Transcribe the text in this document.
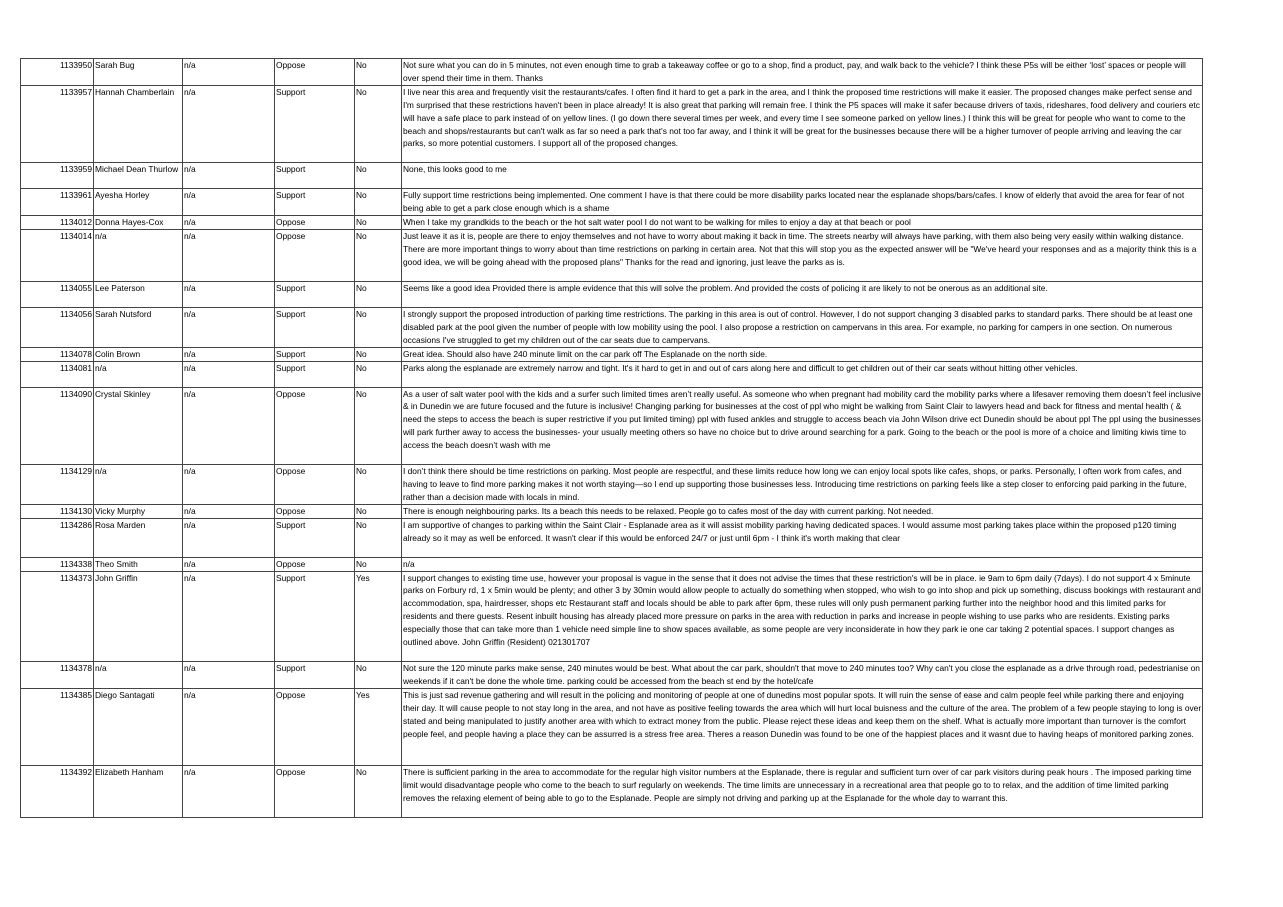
1133950	Sarah Bug	n/a	Oppose	No	Not sure what you can do in 5 minutes, not even enough time to grab a takeaway coffee or go to a shop, find a product, pay, and walk back to the vehicle? I think these P5s will be either ‘lost’ spaces or people will over spend their time in them. Thanks
1133957	Hannah Chamberlain	n/a	Support	No	I live near this area and frequently visit the restaurants/cafes. I often find it hard to get a park in the area, and I think the proposed time restrictions will make it easier. The proposed changes make perfect sense and I'm surprised that these restrictions haven't been in place already! It is also great that parking will remain free. I think the P5 spaces will make it safer because drivers of taxis, rideshares, food delivery and couriers etc will have a safe place to park instead of on yellow lines. (I go down there several times per week, and every time I see someone parked on yellow lines.) I think this will be great for people who want to come to the beach and shops/restaurants but can't walk as far so need a park that's not too far away, and I think it will be great for the businesses because there will be a higher turnover of people arriving and leaving the car parks, so more potential customers. I support all of the proposed changes.
1133959	Michael Dean Thurlow	n/a	Support	No	None, this looks good to me
1133961	Ayesha Horley	n/a	Support	No	Fully support time restrictions being implemented. One comment I have is that there could be more disability parks located near the esplanade shops/bars/cafes. I know of elderly that avoid the area for fear of not being able to get a park close enough which is a shame
1134012	Donna Hayes-Cox	n/a	Oppose	No	When I take my grandkids to the beach or the hot salt water pool I do not want to be walking for miles to enjoy a day at that beach or pool
1134014	n/a	n/a	Oppose	No	Just leave it as it is, people are there to enjoy themselves and not have to worry about making it back in time. The streets nearby will always have parking, with them also being very easily within walking distance. There are more important things to worry about than time restrictions on parking in certain area. Not that this will stop you as the expected answer will be "We've heard your responses and as a majority think this is a good idea, we will be going ahead with the proposed plans" Thanks for the read and ignoring, just leave the parks as is.
1134055	Lee Paterson	n/a	Support	No	Seems like a good idea Provided there is ample evidence that this will solve the problem. And provided the costs of policing it are likely to not be onerous as an additional site.
1134056	Sarah Nutsford	n/a	Support	No	I strongly support the proposed introduction of parking time restrictions. The parking in this area is out of control. However, I do not support changing 3 disabled parks to standard parks. There should be at least one disabled park at the pool given the number of people with low mobility using the pool. I also propose a restriction on campervans in this area. For example, no parking for campers in one section. On numerous occasions I've struggled to get my children out of the car seats due to campervans.
1134078	Colin Brown	n/a	Support	No	Great idea. Should also have 240 minute limit on the car park off The Esplanade on the north side.
1134081	n/a	n/a	Support	No	Parks along the esplanade are extremely narrow and tight. It's it hard to get in and out of cars along here and difficult to get children out of their car seats without hitting other vehicles.
1134090	Crystal Skinley	n/a	Oppose	No	As a user of salt water pool with the kids and a surfer such limited times aren’t really useful. As someone who when pregnant had mobility card the mobility parks where a lifesaver removing them doesn’t feel inclusive & in Dunedin we are future focused and the future is inclusive! Changing parking for businesses at the cost of ppl who might be walking from Saint Clair to lawyers head and back for fitness and mental health ( & need the steps to access the beach is super restrictive if you put limited timing) ppl with fused ankles and struggle to access beach via John Wilson drive ect Dunedin should be about ppl The ppl using the businesses will park further away to access the businesses- your usually meeting others so have no choice but to drive around searching for a park. Going to the beach or the pool is more of a choice and limiting kiwis time to access the beach doesn’t wash with me
1134129	n/a	n/a	Oppose	No	I don’t think there should be time restrictions on parking. Most people are respectful, and these limits reduce how long we can enjoy local spots like cafes, shops, or parks. Personally, I often work from cafes, and having to leave to find more parking makes it not worth staying—so I end up supporting those businesses less. Introducing time restrictions on parking feels like a step closer to enforcing paid parking in the future, rather than a decision made with locals in mind.
1134130	Vicky Murphy	n/a	Oppose	No	There is enough neighbouring parks. Its a beach this needs to be relaxed. People go to cafes most of the day with current parking. Not needed.
1134286	Rosa Marden	n/a	Support	No	I am supportive of changes to parking within the Saint Clair - Esplanade area as it will assist mobility parking having dedicated spaces. I would assume most parking takes place within the proposed p120 timing already so it may as well be enforced. It wasn't clear if this would be enforced 24/7 or just until 6pm - I think it's worth making that clear
1134338	Theo Smith	n/a	Oppose	No	n/a
1134373	John Griffin	n/a	Support	Yes	I support changes to existing time use, however your proposal is vague in the sense that it does not advise the times that these restriction's will be in place. ie 9am to 6pm daily (7days). I do not support 4 x 5minute parks on Forbury rd, 1 x 5min would be plenty; and other 3 by 30min would allow people to actually do something when stopped, who wish to go into shop and pick up something, discuss bookings with restaurant and accommodation, spa, hairdresser, shops etc Restaurant staff and locals should be able to park after 6pm, these rules will only push permanent parking further into the neighbor hood and this limited parks for residents and there guests. Resent inbuilt housing has already placed more pressure on parks in the area with reduction in parks and increase in people wishing to use parks who are residents. Existing parks especially those that can take more than 1 vehicle need simple line to show spaces available, as some people are very inconsiderate in how they park ie one car taking 2 potential spaces. I support changes as outlined above. John Griffin (Resident) 021301707
1134378	n/a	n/a	Support	No	Not sure the 120 minute parks make sense, 240 minutes would be best. What about the car park, shouldn't that move to 240 minutes too? Why can't you close the esplanade as a drive through road, pedestrianise on weekends if it can't be done the whole time. parking could be accessed from the beach st end by the hotel/cafe
1134385	Diego Santagati	n/a	Oppose	Yes	This is just sad revenue gathering and will result in the policing and monitoring of people at one of dunedins most popular spots. It will ruin the sense of ease and calm people feel while parking there and enjoying their day. It will cause people to not stay long in the area, and not have as positive feeling towards the area which will hurt local buisness and the culture of the area. The problem of a few people staying to long is over stated and being manipulated to justify another area with which to extract money from the public. Please reject these ideas and keep them on the shelf. What is actually more important than turnover is the comfort people feel, and people having a place they can be assurred is a stress free area. Theres a reason Dunedin was found to be one of the happiest places and it wasnt due to having heaps of monitored parking zones.
1134392	Elizabeth Hanham	n/a	Oppose	No	There is sufficient parking in the area to accommodate for the regular high visitor numbers at the Esplanade, there is regular and sufficient turn over of car park visitors during peak hours . The imposed parking time limit would disadvantage people who come to the beach to surf regularly on weekends. The time limits are unnecessary in a recreational area that people go to to relax, and the addition of time limited parking removes the relaxing element of being able to go to the Esplanade. People are simply not driving and parking up at the Esplanade for the whole day to warrant this.
